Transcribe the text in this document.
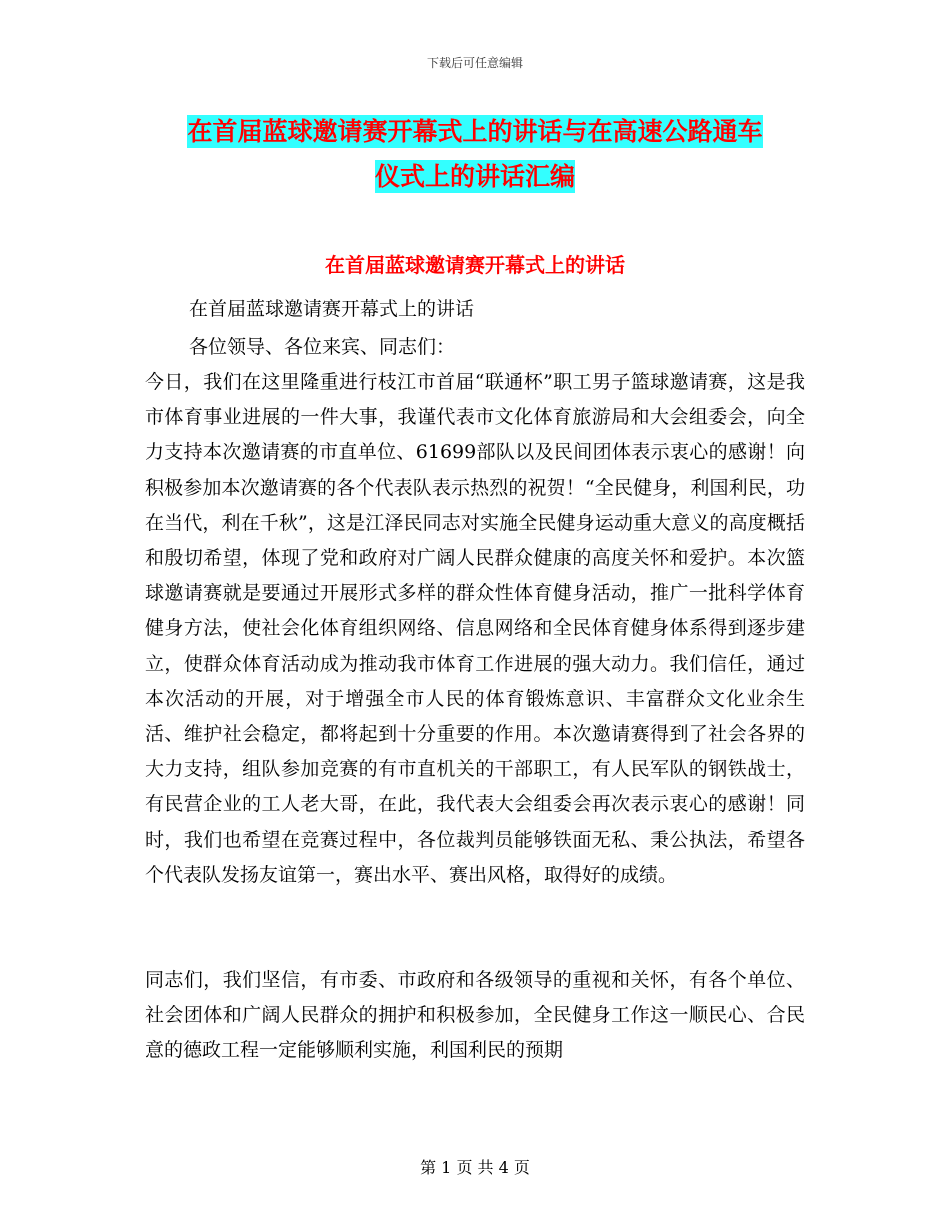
下载后可任意编辑
在首届蓝球邀请赛开幕式上的讲话与在高速公路通车
仪式上的讲话汇编
在首届蓝球邀请赛开幕式上的讲话
在首届蓝球邀请赛开幕式上的讲话
各位领导、各位来宾、同志们：
今日，我们在这里隆重进行枝江市首届“联通杯”职工男子篮球邀请赛，这是我市体育事业进展的一件大事，我谨代表市文化体育旅游局和大会组委会，向全力支持本次邀请赛的市直单位、61699部队以及民间团体表示衷心的感谢！向积极参加本次邀请赛的各个代表队表示热烈的祝贺！“全民健身，利国利民，功在当代，利在千秋”，这是江泽民同志对实施全民健身运动重大意义的高度概括和殷切希望，体现了党和政府对广阔人民群众健康的高度关怀和爱护。本次篮球邀请赛就是要通过开展形式多样的群众性体育健身活动，推广一批科学体育健身方法，使社会化体育组织网络、信息网络和全民体育健身体系得到逐步建立，使群众体育活动成为推动我市体育工作进展的强大动力。我们信任，通过本次活动的开展，对于增强全市人民的体育锻炼意识、丰富群众文化业余生活、维护社会稳定，都将起到十分重要的作用。本次邀请赛得到了社会各界的大力支持，组队参加竞赛的有市直机关的干部职工，有人民军队的钢铁战士，有民营企业的工人老大哥，在此，我代表大会组委会再次表示衷心的感谢！同时，我们也希望在竞赛过程中，各位裁判员能够铁面无私、秉公执法，希望各个代表队发扬友谊第一，赛出水平、赛出风格，取得好的成绩。
同志们，我们坚信，有市委、市政府和各级领导的重视和关怀，有各个单位、社会团体和广阔人民群众的拥护和积极参加，全民健身工作这一顺民心、合民意的德政工程一定能够顺利实施，利国利民的预期
第 1 页 共 4 页
